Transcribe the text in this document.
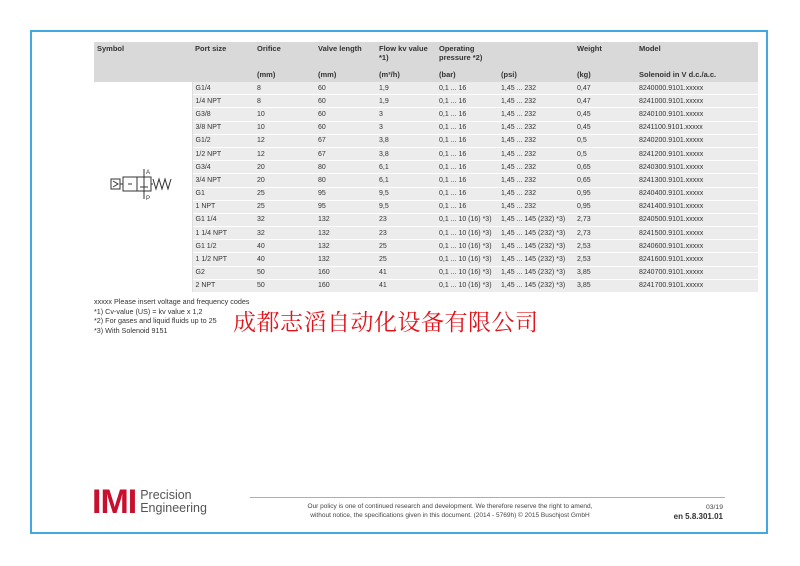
Symbol	Port size	Orifice	Valve length	Flow kv value *1)	Operating pressure *2)		Weight	Model
		(mm)	(mm)	(m³/h)	(bar)	(psi)	(kg)	Solenoid in V d.c./a.c.

A
P	G1/4	8	60	1,9	0,1 ... 16	1,45 ... 232	0,47	8240000.9101.xxxxx
	1/4 NPT	8	60	1,9	0,1 ... 16	1,45 ... 232	0,47	8241000.9101.xxxxx
	G3/8	10	60	3	0,1 ... 16	1,45 ... 232	0,45	8240100.9101.xxxxx
	3/8 NPT	10	60	3	0,1 ... 16	1,45 ... 232	0,45	8241100.9101.xxxxx
	G1/2	12	67	3,8	0,1 ... 16	1,45 ... 232	0,5	8240200.9101.xxxxx
	1/2 NPT	12	67	3,8	0,1 ... 16	1,45 ... 232	0,5	8241200.9101.xxxxx
	G3/4	20	80	6,1	0,1 ... 16	1,45 ... 232	0,65	8240300.9101.xxxxx
	3/4 NPT	20	80	6,1	0,1 ... 16	1,45 ... 232	0,65	8241300.9101.xxxxx
	G1	25	95	9,5	0,1 ... 16	1,45 ... 232	0,95	8240400.9101.xxxxx
	1 NPT	25	95	9,5	0,1 ... 16	1,45 ... 232	0,95	8241400.9101.xxxxx
	G1 1/4	32	132	23	0,1 ... 10 (16) *3)	1,45 ... 145 (232) *3)	2,73	8240500.9101.xxxxx
	1 1/4 NPT	32	132	23	0,1 ... 10 (16) *3)	1,45 ... 145 (232) *3)	2,73	8241500.9101.xxxxx
	G1 1/2	40	132	25	0,1 ... 10 (16) *3)	1,45 ... 145 (232) *3)	2,53	8240600.9101.xxxxx
	1 1/2 NPT	40	132	25	0,1 ... 10 (16) *3)	1,45 ... 145 (232) *3)	2,53	8241600.9101.xxxxx
	G2	50	160	41	0,1 ... 10 (16) *3)	1,45 ... 145 (232) *3)	3,85	8240700.9101.xxxxx
	2 NPT	50	160	41	0,1 ... 10 (16) *3)	1,45 ... 145 (232) *3)	3,85	8241700.9101.xxxxx
xxxxx Please insert voltage and frequency codes
*1) Cv-value (US) = kv value x 1,2
*2) For gases and liquid fluids up to 25
*3) With Solenoid 9151	成都志滔自动化设备有限公司
IMI Precision
Engineering	Our policy is one of continued research and development. We therefore reserve the right to amend,
without notice, the specifications given in this document. (2014 - 5769h) © 2015 Buschjost GmbH
03/19
en 5.8.301.01
